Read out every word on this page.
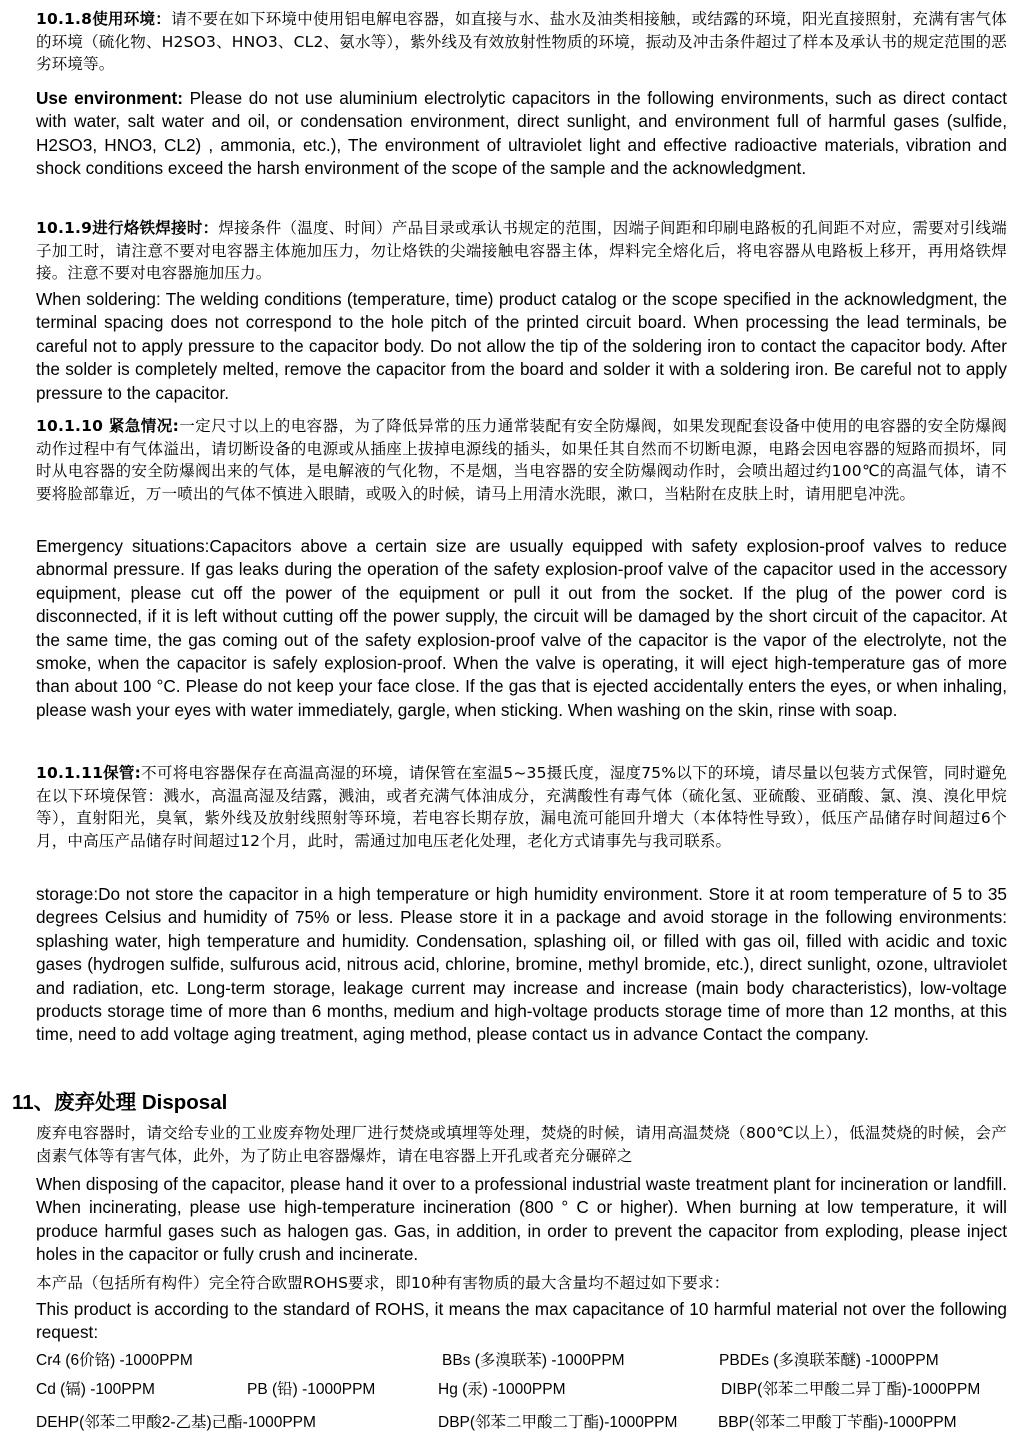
10.1.8使用环境：请不要在如下环境中使用铝电解电容器，如直接与水、盐水及油类相接触，或结露的环境，阳光直接照射，充满有害气体的环境（硫化物、H2SO3、HNO3、CL2、氨水等），紫外线及有效放射性物质的环境，振动及冲击条件超过了样本及承认书的规定范围的恶劣环境等。

Use environment: Please do not use aluminium electrolytic capacitors in the following environments, such as direct contact with water, salt water and oil, or condensation environment, direct sunlight, and environment full of harmful gases (sulfide, H2SO3, HNO3, CL2) , ammonia, etc.), The environment of ultraviolet light and effective radioactive materials, vibration and shock conditions exceed the harsh environment of the scope of the sample and the acknowledgment.

10.1.9进行烙铁焊接时：焊接条件（温度、时间）产品目录或承认书规定的范围，因端子间距和印刷电路板的孔间距不对应，需要对引线端子加工时，请注意不要对电容器主体施加压力，勿让烙铁的尖端接触电容器主体，焊料完全熔化后，将电容器从电路板上移开，再用烙铁焊接。注意不要对电容器施加压力。

When soldering: The welding conditions (temperature, time) product catalog or the scope specified in the acknowledgment, the terminal spacing does not correspond to the hole pitch of the printed circuit board. When processing the lead terminals, be careful not to apply pressure to the capacitor body. Do not allow the tip of the soldering iron to contact the capacitor body. After the solder is completely melted, remove the capacitor from the board and solder it with a soldering iron. Be careful not to apply pressure to the capacitor.

10.1.10 紧急情况:一定尺寸以上的电容器，为了降低异常的压力通常装配有安全防爆阀，如果发现配套设备中使用的电容器的安全防爆阀动作过程中有气体溢出，请切断设备的电源或从插座上拔掉电源线的插头，如果任其自然而不切断电源，电路会因电容器的短路而损坏，同时从电容器的安全防爆阀出来的气体，是电解液的气化物，不是烟，当电容器的安全防爆阀动作时，会喷出超过约100℃的高温气体，请不要将脸部靠近，万一喷出的气体不慎进入眼睛，或吸入的时候，请马上用清水洗眼，漱口，当粘附在皮肤上时，请用肥皂冲洗。

Emergency situations:Capacitors above a certain size are usually equipped with safety explosion-proof valves to reduce abnormal pressure. If gas leaks during the operation of the safety explosion-proof valve of the capacitor used in the accessory equipment, please cut off the power of the equipment or pull it out from the socket. If the plug of the power cord is disconnected, if it is left without cutting off the power supply, the circuit will be damaged by the short circuit of the capacitor. At the same time, the gas coming out of the safety explosion-proof valve of the capacitor is the vapor of the electrolyte, not the smoke, when the capacitor is safely explosion-proof. When the valve is operating, it will eject high-temperature gas of more than about 100 °C. Please do not keep your face close. If the gas that is ejected accidentally enters the eyes, or when inhaling, please wash your eyes with water immediately, gargle, when sticking. When washing on the skin, rinse with soap.

10.1.11保管:不可将电容器保存在高温高湿的环境，请保管在室温5~35摄氏度，湿度75%以下的环境，请尽量以包装方式保管，同时避免在以下环境保管：溅水，高温高湿及结露，溅油，或者充满气体油成分，充满酸性有毒气体（硫化氢、亚硫酸、亚硝酸、氯、溴、溴化甲烷等），直射阳光，臭氧，紫外线及放射线照射等环境，若电容长期存放，漏电流可能回升增大（本体特性导致），低压产品储存时间超过6个月，中高压产品储存时间超过12个月，此时，需通过加电压老化处理，老化方式请事先与我司联系。

storage:Do not store the capacitor in a high temperature or high humidity environment. Store it at room temperature of 5 to 35 degrees Celsius and humidity of 75% or less. Please store it in a package and avoid storage in the following environments: splashing water, high temperature and humidity. Condensation, splashing oil, or filled with gas oil, filled with acidic and toxic gases (hydrogen sulfide, sulfurous acid, nitrous acid, chlorine, bromine, methyl bromide, etc.), direct sunlight, ozone, ultraviolet and radiation, etc. Long-term storage, leakage current may increase and increase (main body characteristics), low-voltage products storage time of more than 6 months, medium and high-voltage products storage time of more than 12 months, at this time, need to add voltage aging treatment, aging method, please contact us in advance Contact the company.

11、废弃处理 Disposal

废弃电容器时，请交给专业的工业废弃物处理厂进行焚烧或填埋等处理，焚烧的时候，请用高温焚烧（800℃以上），低温焚烧的时候，会产卤素气体等有害气体，此外，为了防止电容器爆炸，请在电容器上开孔或者充分碾碎之

When disposing of the capacitor, please hand it over to a professional industrial waste treatment plant for incineration or landfill. When incinerating, please use high-temperature incineration (800 ° C or higher). When burning at low temperature, it will produce harmful gases such as halogen gas. Gas, in addition, in order to prevent the capacitor from exploding, please inject holes in the capacitor or fully crush and incinerate.

本产品（包括所有构件）完全符合欧盟ROHS要求，即10种有害物质的最大含量均不超过如下要求：

This product is according to the standard of ROHS, it means the max capacitance of 10 harmful material not over the following request:

Cr4 (6价铬) -1000PPM	BBs (多溴联苯) -1000PPM	PBDEs (多溴联苯醚) -1000PPM

Cd (镉) -100PPM	PB (铅) -1000PPM	Hg (汞) -1000PPM	DIBP(邻苯二甲酸二异丁酯)-1000PPM

DEHP(邻苯二甲酸2-乙基)己酯-1000PPM	DBP(邻苯二甲酸二丁酯)-1000PPM	BBP(邻苯二甲酸丁苄酯)-1000PPM
